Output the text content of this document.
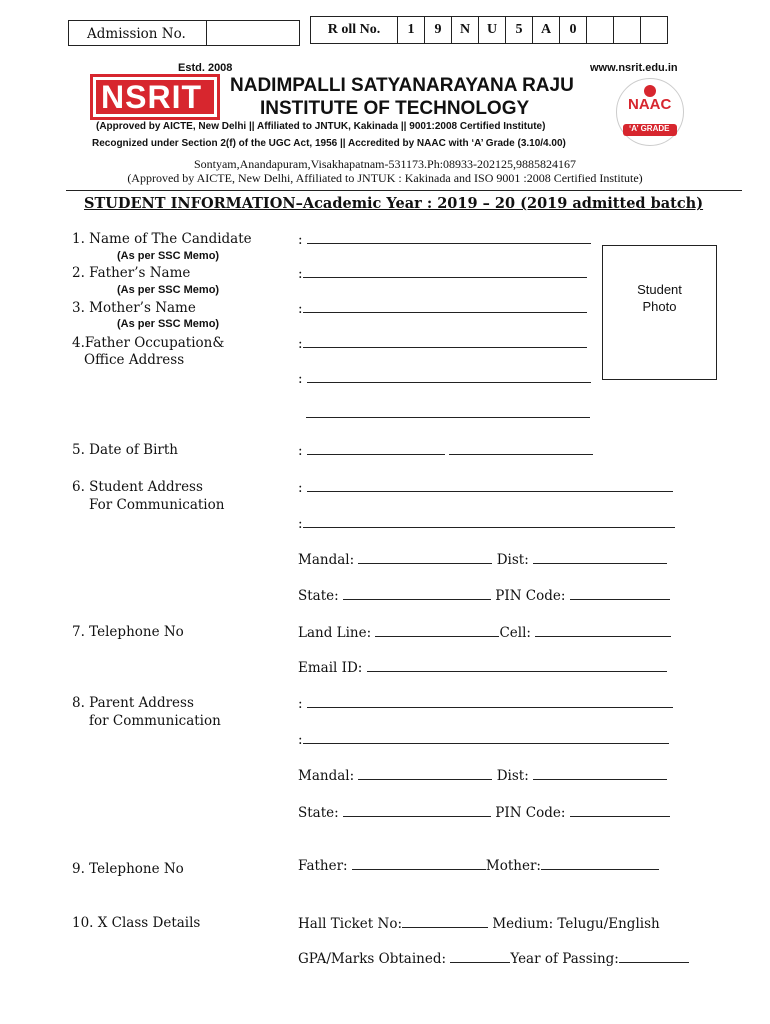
Admission No.	R oll No.	1	9	N	U	5	A	0			
Estd. 2008
NSRIT
www.nsrit.edu.in
NADIMPALLI SATYANARAYANA RAJU
INSTITUTE OF TECHNOLOGY	NAAC
‘A’ GRADE
(Approved by AICTE, New Delhi || Affiliated to JNTUK, Kakinada || 9001:2008 Certified Institute)
Recognized under Section 2(f) of the UGC Act, 1956 || Accredited by NAAC with ‘A’ Grade (3.10/4.00)
Sontyam,Anandapuram,Visakhapatnam-531173.Ph:08933-202125,9885824167
(Approved by AICTE, New Delhi, Affiliated to JNTUK : Kakinada and ISO 9001 :2008 Certified Institute)
STUDENT INFORMATION–Academic Year : 2019 – 20 (2019 admitted batch)
Student
Photo
1. Name of The Candidate
(As per SSC Memo)
:
2. Father’s Name
(As per SSC Memo)
:
3. Mother’s Name
(As per SSC Memo)
:
4.Father Occupation&
Office Address
:
:
5. Date of Birth	:
6. Student Address
For Communication
:
:
Mandal:	Dist:
State:	PIN Code:
7. Telephone No	Land Line:	Cell:
Email ID:
8. Parent Address
for Communication
:
:
Mandal:	Dist:
State:	PIN Code:
9. Telephone No	Father:	Mother:
10. X Class Details	Hall Ticket No:	Medium: Telugu/English
GPA/Marks Obtained:	Year of Passing:
